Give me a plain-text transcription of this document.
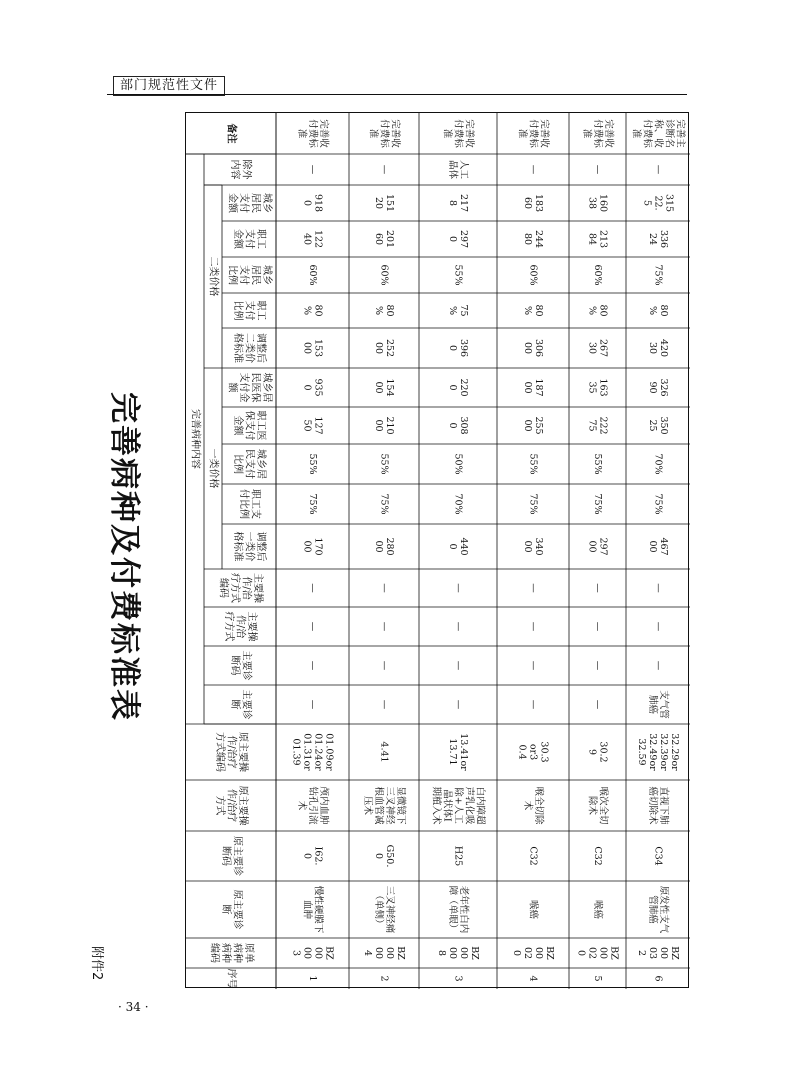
部门规范性文件
完善病种及付费标准表
附件2
· 34 ·
备注
除外
内容
城乡
居民
支付
金额
职工
支付
金额
城乡
居民
支付
比例
职工
支付
比例
调整后
二类价
格标准
城乡居
民医保
支付金
额
职工医
保支付
金额
城乡居
民支付
比例
职工支
付比例
调整后
一类价
格标准
主要操
作/治
疗方式
编码
主要操
作/治
疗方式
主要诊
断码
主要诊
断
原主要操
作/治疗
方式编码
原主要操
作/治疗
方式
原主要诊
断码
原主要诊
断
原单
病种
病种
编码
序号
完善病种内容 一类价格
二类价格
完善收
付费标
准
—
918
0
122
40
60%
80
%
153
00
935
0
127
50
55%
75%
170
00
—
—
—
—
01.09or
01.24or
01.31or
01.39
颅内血肿
钻孔引流
术
I62.
0
慢性硬膜下
血肿
BZ
00
00
3
1
完善收
付费标
准
—
151
20
201
60
60%
80
%
252
00
154
00
210
00
55%
75%
280
00
—
—
—
—
4.41
显微镜下
三叉神经
根血管减
压术
G50.
0
三叉神经痛
（单侧）
BZ
00
00
4
2
完善收
付费标
准
人工
晶体
217
8
297
0
55%
75
%
396
0
220
0
308
0
50%
70%
440
0
—
—
—
—
13.41or
13.71
白内障超
声乳化吸
除+人工
晶状体Ⅰ
期植入术
H25
老年性白内
障（单眼）
BZ
00
00
8
3
完善收
付费标
准
—
183
60
244
80
60%
80
%
306
00
187
00
255
00
55%
75%
340
00
—
—
—
—
30.3
or3
0.4
喉全切除
术
C32
喉癌
BZ
00
02
0
4
完善收
付费标
准
—
160
38
213
84
60%
80
%
267
30
163
35
222
75
55%
75%
297
00
—
—
—
—
30.2
9
喉次全切
除术
C32
喉癌
BZ
00
02
0
5
完善主
诊断名
称、收
付费标
准
—
315
22.
5
336
24
75%
80
%
420
30
326
90
350
25
70%
75%
467
00
—
—
—
支气管
肺癌
32.29or
32.39or
32.49or
32.59
直视下肺
癌切除术
C34
原发性支气
管肺癌
BZ
00
03
2
6
